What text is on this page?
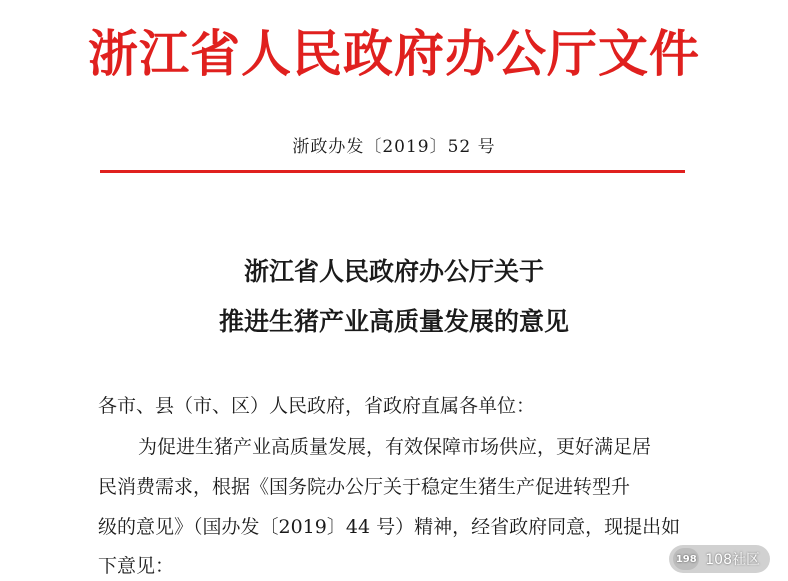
浙江省人民政府办公厅文件
浙政办发〔2019〕52 号
浙江省人民政府办公厅关于
推进生猪产业高质量发展的意见
各市、县（市、区）人民政府，省政府直属各单位：
为促进生猪产业高质量发展，有效保障市场供应，更好满足居
民消费需求，根据《国务院办公厅关于稳定生猪生产促进转型升
级的意见》（国办发〔2019〕44 号）精神，经省政府同意，现提出如
下意见：	198 108社区
